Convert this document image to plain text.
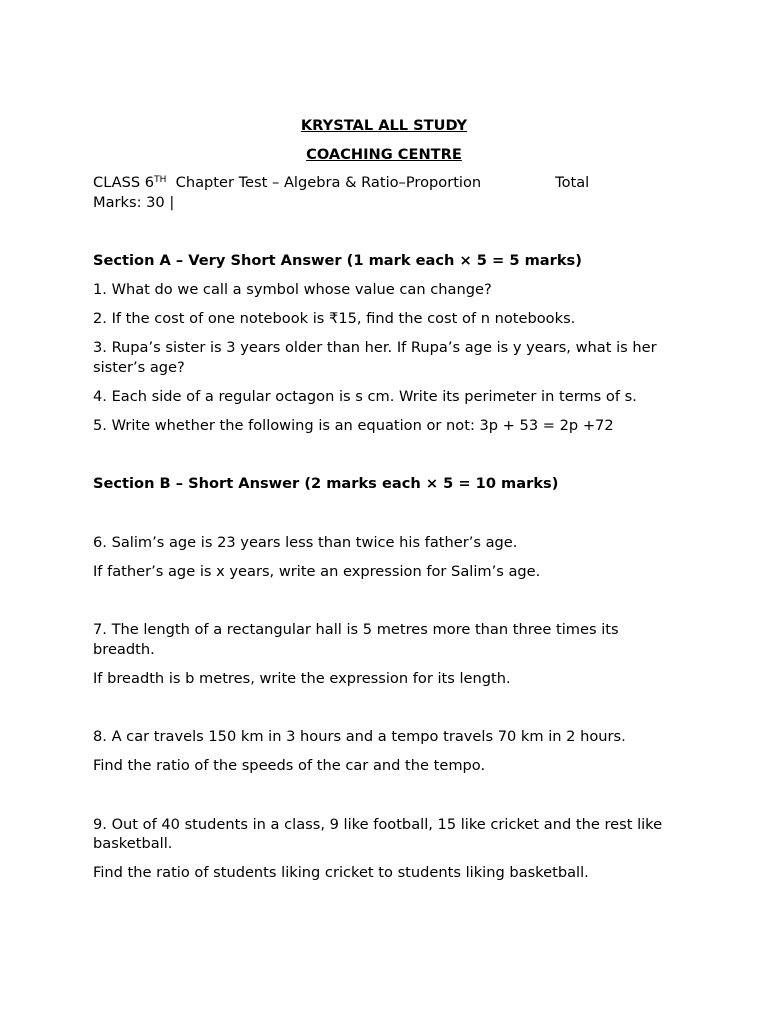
KRYSTAL ALL STUDY

COACHING CENTRE

CLASS 6TH Chapter Test – Algebra & Ratio–Proportion	Total
Marks: 30 |

Section A – Very Short Answer (1 mark each × 5 = 5 marks)

1. What do we call a symbol whose value can change?

2. If the cost of one notebook is ₹15, find the cost of n notebooks.

3. Rupa’s sister is 3 years older than her. If Rupa’s age is y years, what is her sister’s age?

4. Each side of a regular octagon is s cm. Write its perimeter in terms of s.

5. Write whether the following is an equation or not: 3p + 53 = 2p +72

Section B – Short Answer (2 marks each × 5 = 10 marks)

6. Salim’s age is 23 years less than twice his father’s age.

If father’s age is x years, write an expression for Salim’s age.

7. The length of a rectangular hall is 5 metres more than three times its breadth.

If breadth is b metres, write the expression for its length.

8. A car travels 150 km in 3 hours and a tempo travels 70 km in 2 hours.

Find the ratio of the speeds of the car and the tempo.

9. Out of 40 students in a class, 9 like football, 15 like cricket and the rest like basketball.

Find the ratio of students liking cricket to students liking basketball.
